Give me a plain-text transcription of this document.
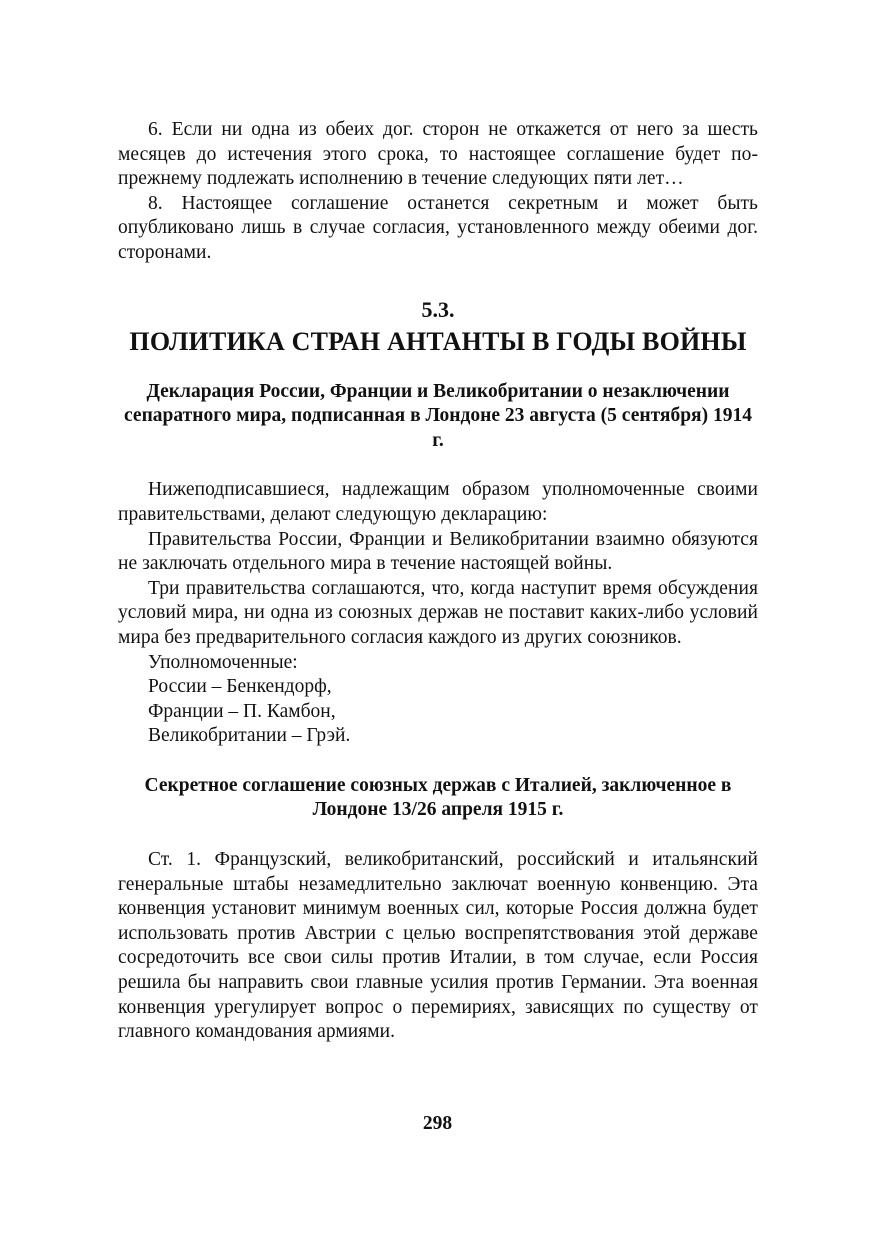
6. Если ни одна из обеих дог. сторон не откажется от него за шесть месяцев до истечения этого срока, то настоящее соглашение будет по-прежнему подлежать исполнению в течение следующих пяти лет…

8. Настоящее соглашение останется секретным и может быть опубликовано лишь в случае согласия, установленного между обеими дог. сторонами.

5.3.
ПОЛИТИКА СТРАН АНТАНТЫ В ГОДЫ ВОЙНЫ
Декларация России, Франции и Великобритании о незаключении сепаратного мира, подписанная в Лондоне 23 августа (5 сентября) 1914 г.

Нижеподписавшиеся, надлежащим образом уполномоченные своими правительствами, делают следующую декларацию:

Правительства России, Франции и Великобритании взаимно обязуются не заключать отдельного мира в течение настоящей войны.

Три правительства соглашаются, что, когда наступит время обсуждения условий мира, ни одна из союзных держав не поставит каких-либо условий мира без предварительного согласия каждого из других союзников.

Уполномоченные:

России – Бенкендорф,

Франции – П. Камбон,

Великобритании – Грэй.

Секретное соглашение союзных держав с Италией, заключенное в Лондоне 13/26 апреля 1915 г.

Ст. 1. Французский, великобританский, российский и итальянский генеральные штабы незамедлительно заключат военную конвенцию. Эта конвенция установит минимум военных сил, которые Россия должна будет использовать против Австрии с целью воспрепятствования этой державе сосредоточить все свои силы против Италии, в том случае, если Россия решила бы направить свои главные усилия против Германии. Эта военная конвенция урегулирует вопрос о перемириях, зависящих по существу от главного командования армиями.

298
